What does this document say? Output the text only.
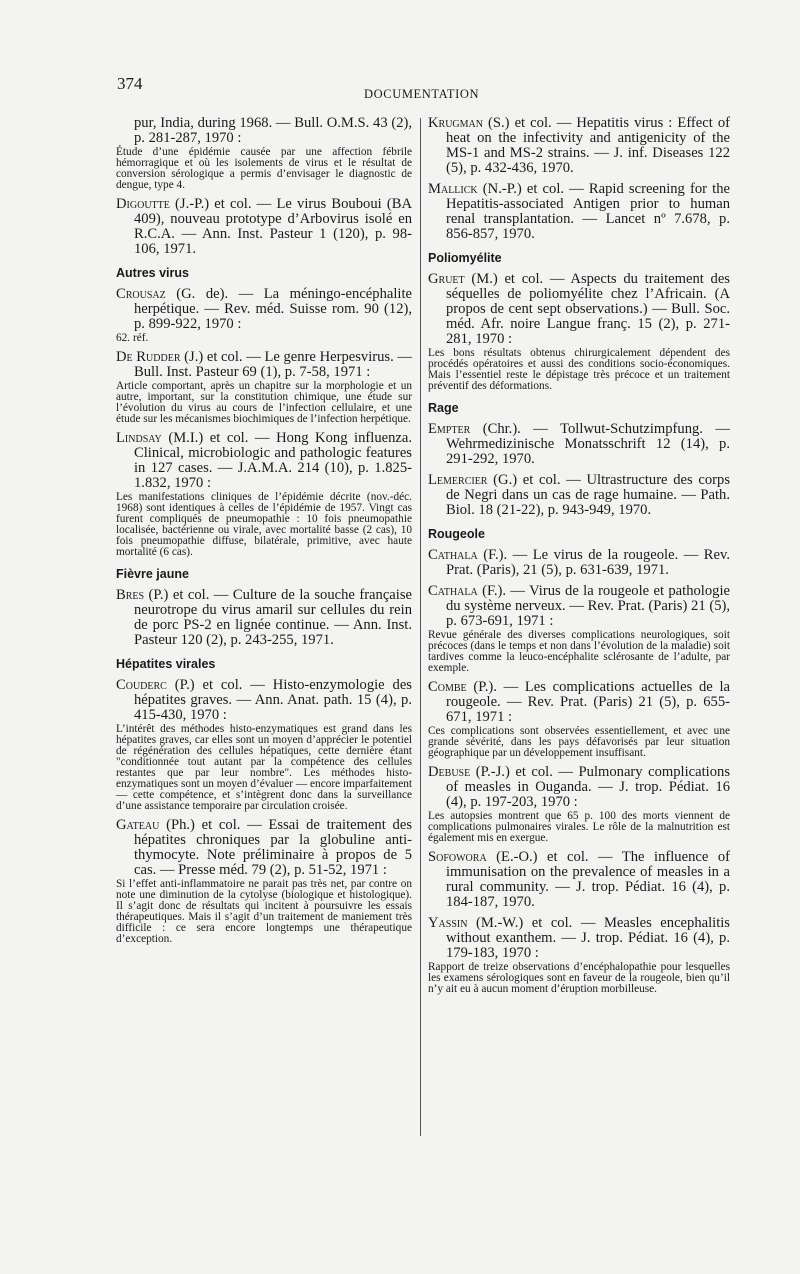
374
DOCUMENTATION
pur, India, during 1968. — Bull. O.M.S. 43 (2), p. 281-287, 1970 :
Étude d’une épidémie causée par une affection fébrile hémorragique et où les isolements de virus et le résultat de conversion sérologique a permis d’envisager le diagnostic de dengue, type 4.
Digoutte (J.-P.) et col. — Le virus Bouboui (BA 409), nouveau prototype d’Arbovirus isolé en R.C.A. — Ann. Inst. Pasteur 1 (120), p. 98-106, 1971.
Autres virus
Crousaz (G. de). — La méningo-encéphalite herpétique. — Rev. méd. Suisse rom. 90 (12), p. 899-922, 1970 :
62. réf.
De Rudder (J.) et col. — Le genre Herpesvirus. — Bull. Inst. Pasteur 69 (1), p. 7-58, 1971 :
Article comportant, après un chapitre sur la morphologie et un autre, important, sur la constitution chimique, une étude sur l’évolution du virus au cours de l’infection cellulaire, et une étude sur les mécanismes biochimiques de l’infection herpétique.
Lindsay (M.I.) et col. — Hong Kong influenza. Clinical, microbiologic and pathologic features in 127 cases. — J.A.M.A. 214 (10), p. 1.825-1.832, 1970 :
Les manifestations cliniques de l’épidémie décrite (nov.-déc. 1968) sont identiques à celles de l’épidémie de 1957. Vingt cas furent compliqués de pneumopathie : 10 fois pneumopathie localisée, bactérienne ou virale, avec mortalité basse (2 cas), 10 fois pneumopathie diffuse, bilatérale, primitive, avec haute mortalité (6 cas).
Fièvre jaune
Bres (P.) et col. — Culture de la souche française neurotrope du virus amaril sur cellules du rein de porc PS-2 en lignée continue. — Ann. Inst. Pasteur 120 (2), p. 243-255, 1971.
Hépatites virales
Couderc (P.) et col. — Histo-enzymologie des hépatites graves. — Ann. Anat. path. 15 (4), p. 415-430, 1970 :
L’intérêt des méthodes histo-enzymatiques est grand dans les hépatites graves, car elles sont un moyen d’apprécier le potentiel de régénération des cellules hépatiques, cette dernière étant "conditionnée tout autant par la compétence des cellules restantes que par leur nombre". Les méthodes histo-enzymatiques sont un moyen d’évaluer — encore imparfaitement — cette compétence, et s’intègrent donc dans la surveillance d’une assistance temporaire par circulation croisée.
Gateau (Ph.) et col. — Essai de traitement des hépatites chroniques par la globuline anti-thymocyte. Note préliminaire à propos de 5 cas. — Presse méd. 79 (2), p. 51-52, 1971 :
Si l’effet anti-inflammatoire ne parait pas très net, par contre on note une diminution de la cytolyse (biologique et histologique). Il s’agit donc de résultats qui incitent à poursuivre les essais thérapeutiques. Mais il s’agit d’un traitement de maniement très difficile : ce sera encore longtemps une thérapeutique d’exception.
Krugman (S.) et col. — Hepatitis virus : Effect of heat on the infectivity and antigenicity of the MS-1 and MS-2 strains. — J. inf. Diseases 122 (5), p. 432-436, 1970.
Mallick (N.-P.) et col. — Rapid screening for the Hepatitis-associated Antigen prior to human renal transplantation. — Lancet nº 7.678, p. 856-857, 1970.
Poliomyélite
Gruet (M.) et col. — Aspects du traitement des séquelles de poliomyélite chez l’Africain. (A propos de cent sept observations.) — Bull. Soc. méd. Afr. noire Langue franç. 15 (2), p. 271-281, 1970 :
Les bons résultats obtenus chirurgicalement dépendent des procédés opératoires et aussi des conditions socio-économiques. Mais l’essentiel reste le dépistage très précoce et un traitement préventif des déformations.
Rage
Empter (Chr.). — Tollwut-Schutzimpfung. — Wehrmedizinische Monatsschrift 12 (14), p. 291-292, 1970.
Lemercier (G.) et col. — Ultrastructure des corps de Negri dans un cas de rage humaine. — Path. Biol. 18 (21-22), p. 943-949, 1970.
Rougeole
Cathala (F.). — Le virus de la rougeole. — Rev. Prat. (Paris), 21 (5), p. 631-639, 1971.
Cathala (F.). — Virus de la rougeole et pathologie du système nerveux. — Rev. Prat. (Paris) 21 (5), p. 673-691, 1971 :
Revue générale des diverses complications neurologiques, soit précoces (dans le temps et non dans l’évolution de la maladie) soit tardives comme la leuco-encéphalite sclérosante de l’adulte, par exemple.
Combe (P.). — Les complications actuelles de la rougeole. — Rev. Prat. (Paris) 21 (5), p. 655-671, 1971 :
Ces complications sont observées essentiellement, et avec une grande sévérité, dans les pays défavorisés par leur situation géographique par un développement insuffisant.
Debuse (P.-J.) et col. — Pulmonary complications of measles in Ouganda. — J. trop. Pédiat. 16 (4), p. 197-203, 1970 :
Les autopsies montrent que 65 p. 100 des morts viennent de complications pulmonaires virales. Le rôle de la malnutrition est également mis en exergue.
Sofowora (E.-O.) et col. — The influence of immunisation on the prevalence of measles in a rural community. — J. trop. Pédiat. 16 (4), p. 184-187, 1970.
Yassin (M.-W.) et col. — Measles encephalitis without exanthem. — J. trop. Pédiat. 16 (4), p. 179-183, 1970 :
Rapport de treize observations d’encéphalopathie pour lesquelles les examens sérologiques sont en faveur de la rougeole, bien qu’il n’y ait eu à aucun moment d’éruption morbilleuse.
